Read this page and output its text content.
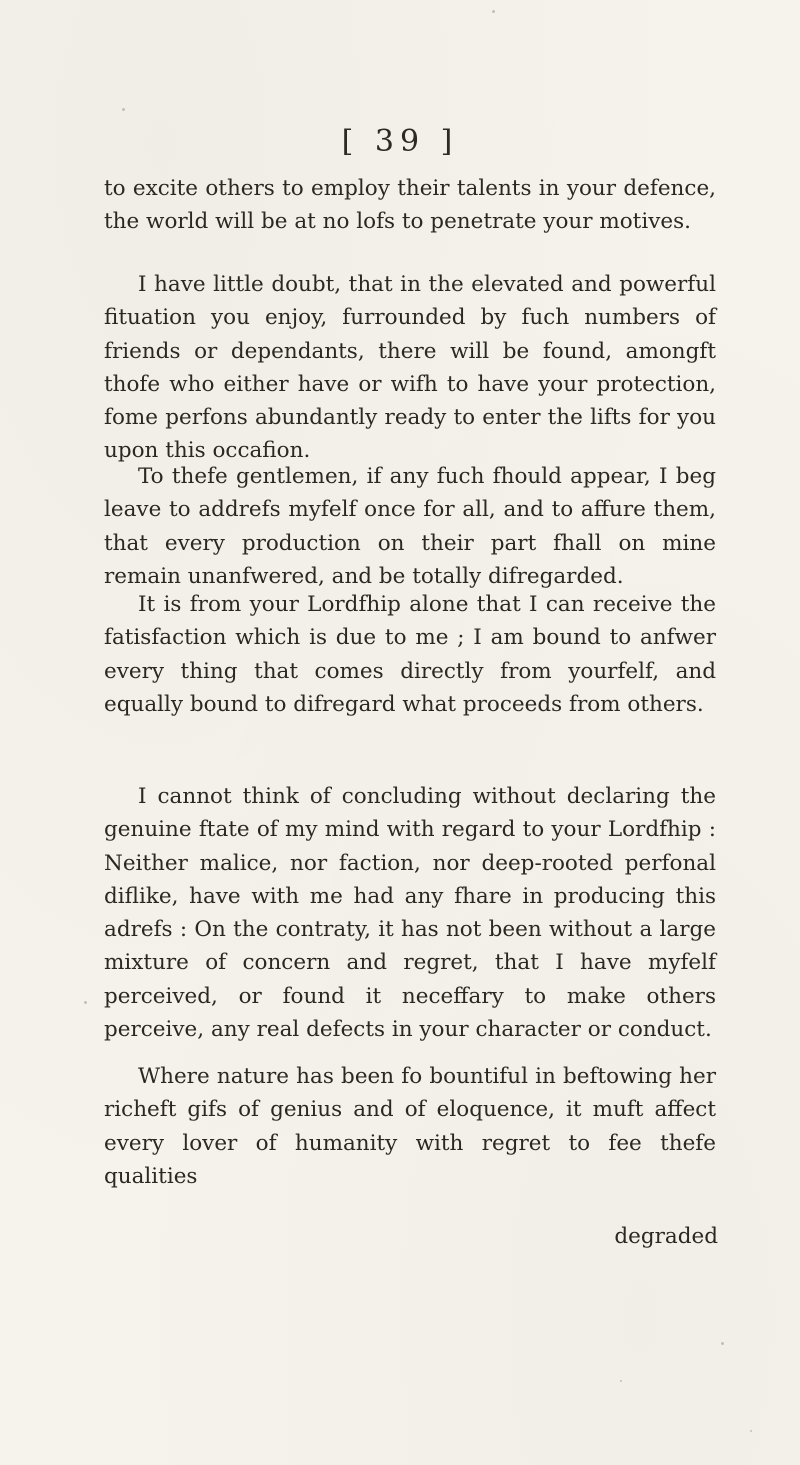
[ 39 ]

to excite others to employ their talents in your defence, the world will be at no lofs to penetrate your motives.

I have little doubt, that in the elevated and powerful fituation you enjoy, furrounded by fuch numbers of friends or dependants, there will be found, amongft thofe who either have or wifh to have your protection, fome perfons abundantly ready to enter the lifts for you upon this occafion.

To thefe gentlemen, if any fuch fhould appear, I beg leave to addrefs myfelf once for all, and to affure them, that every production on their part fhall on mine remain unanfwered, and be totally difregarded.

It is from your Lordfhip alone that I can receive the fatisfaction which is due to me ; I am bound to anfwer every thing that comes directly from yourfelf, and equally bound to difregard what proceeds from others.

I cannot think of concluding without declaring the genuine ftate of my mind with regard to your Lordfhip : Neither malice, nor faction, nor deep-rooted perfonal diflike, have with me had any fhare in producing this adrefs : On the contraty, it has not been without a large mixture of concern and regret, that I have myfelf perceived, or found it neceffary to make others perceive, any real defects in your character or conduct.

Where nature has been fo bountiful in beftowing her richeft gifs of genius and of eloquence, it muft affect every lover of humanity with regret to fee thefe qualities

degraded
